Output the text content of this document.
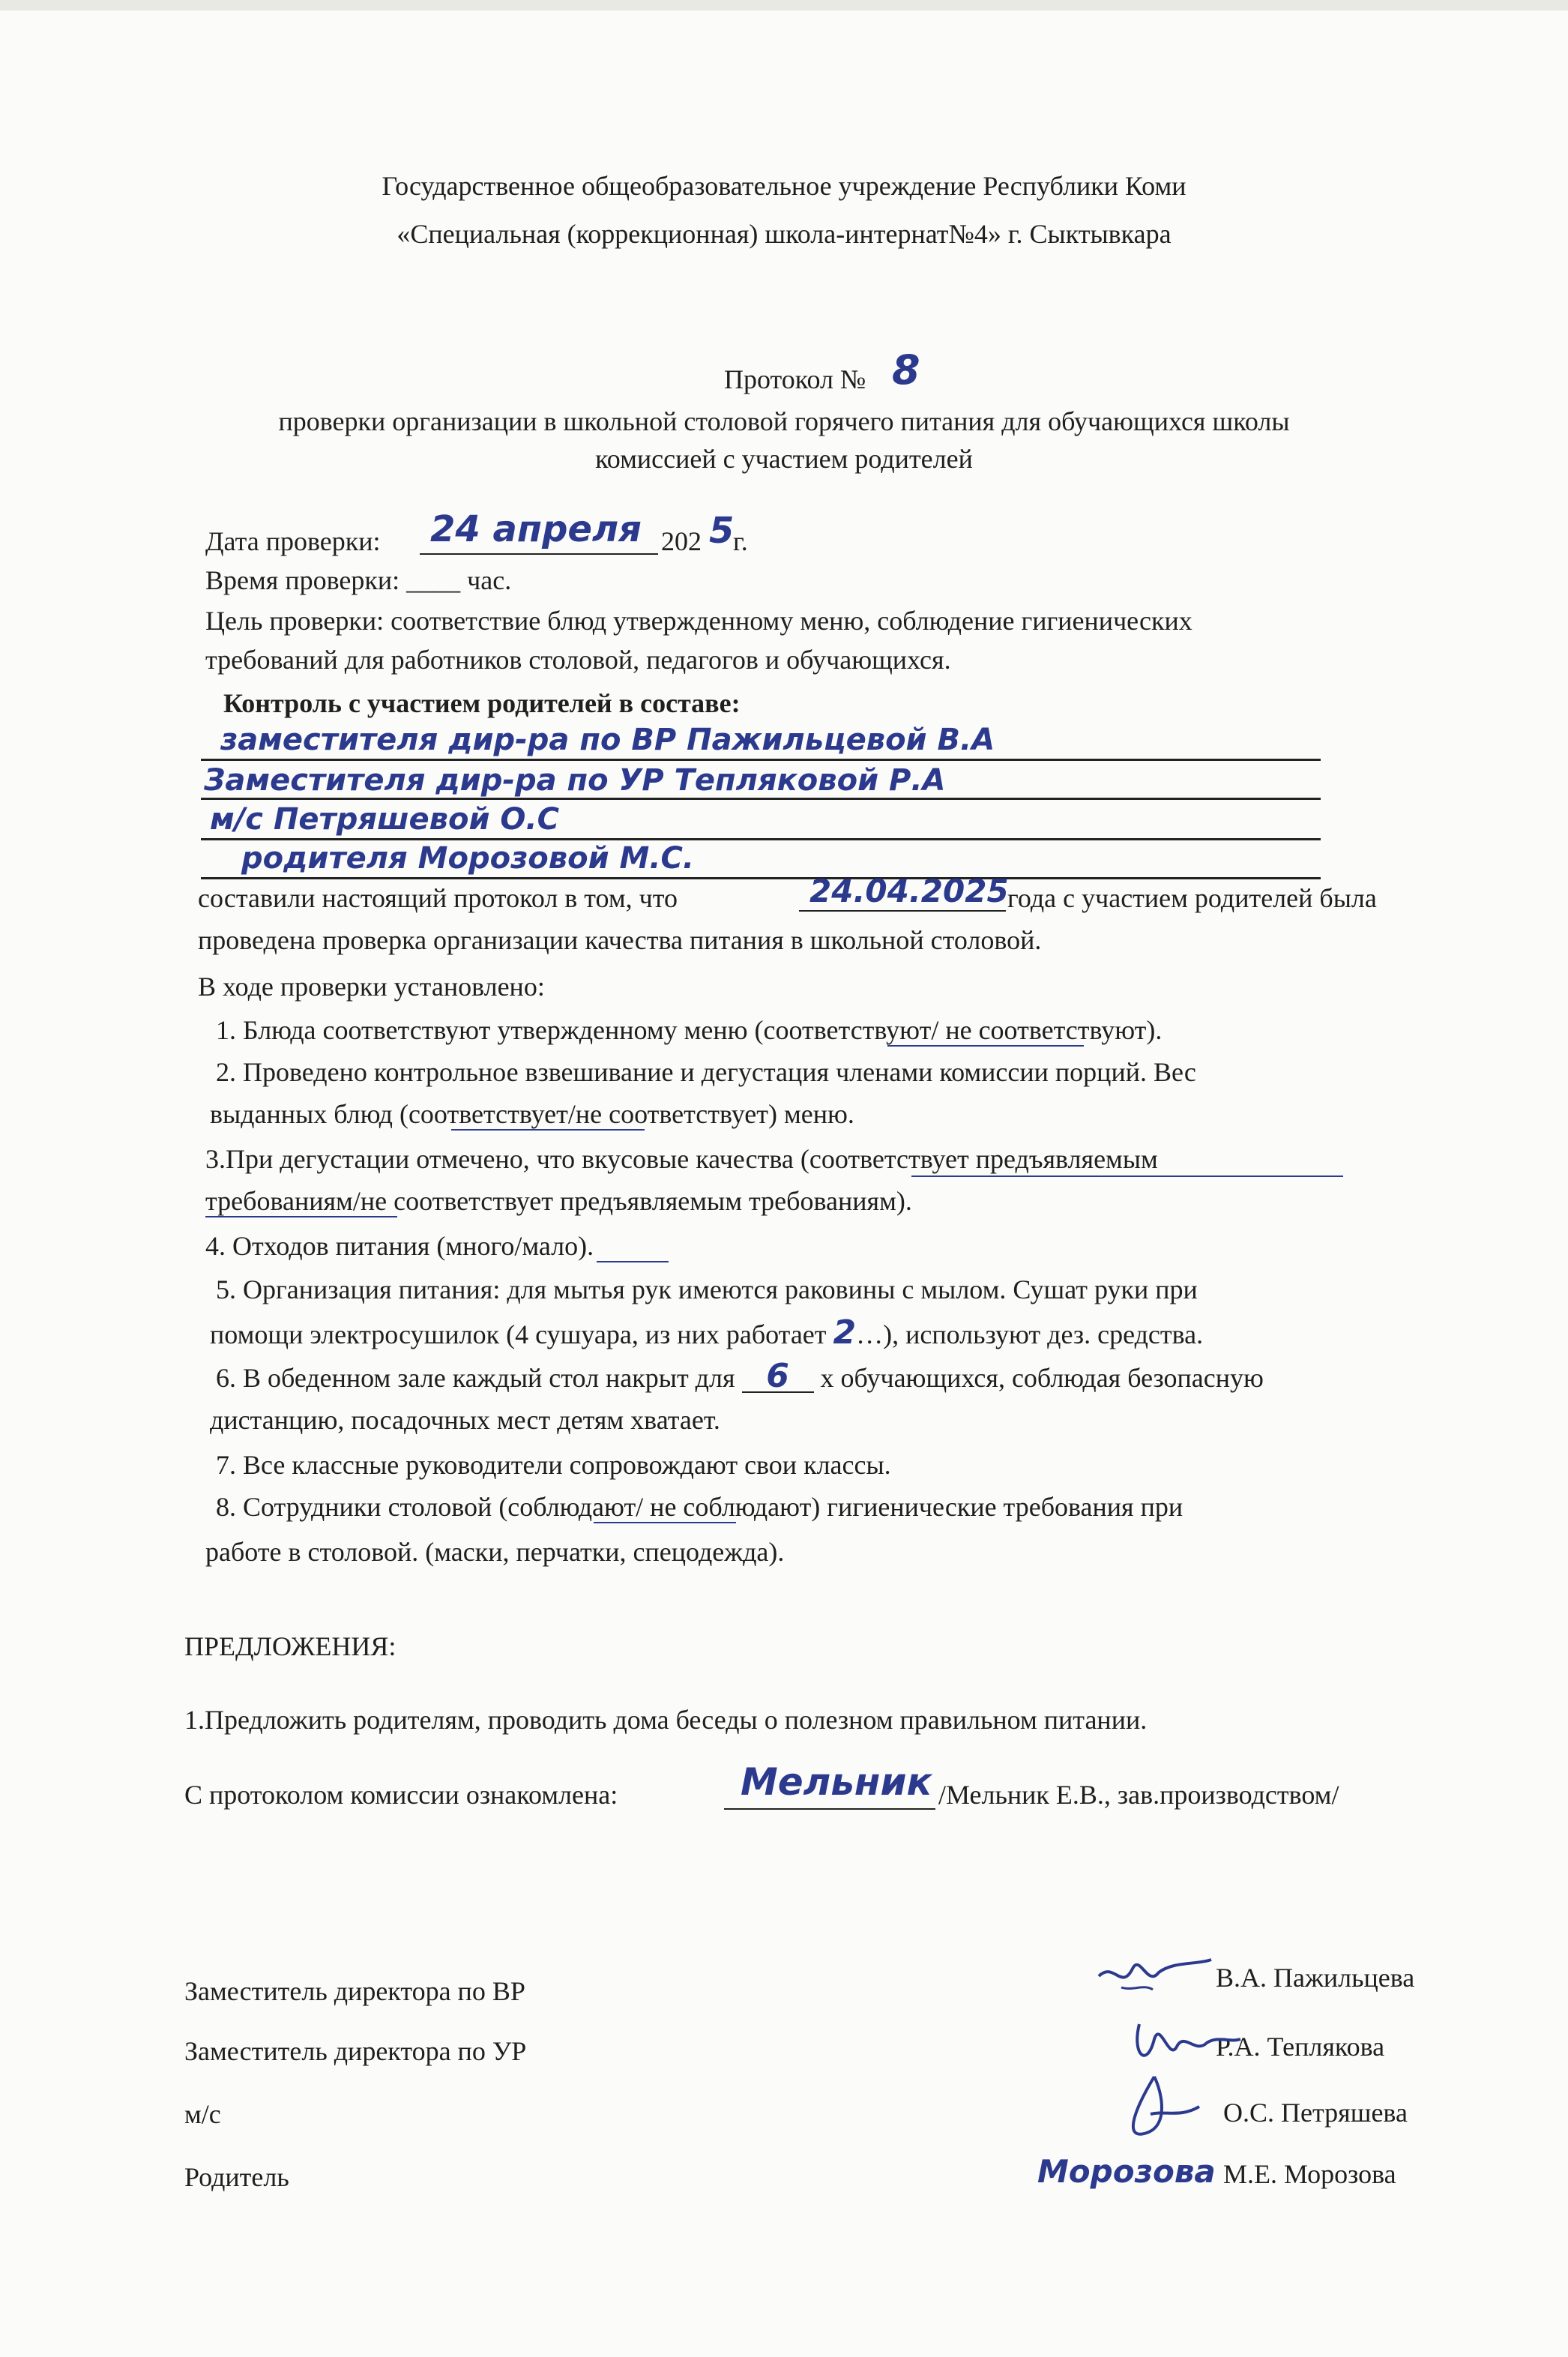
Государственное общеобразовательное учреждение Республики Коми
«Специальная (коррекционная) школа-интернат№4» г. Сыктывкара
Протокол № 8
проверки организации в школьной столовой горячего питания для обучающихся школы
комиссией с участием родителей
Дата проверки: 24 апреля 202 5
г.
Время проверки: ____ час.
Цель проверки: соответствие блюд утвержденному меню, соблюдение гигиенических
требований для работников столовой, педагогов и обучающихся.
Контроль с участием родителей в составе:
заместителя дир-ра по ВР Пажильцевой В.А
Заместителя дир-ра по УР Тепляковой Р.А
м/с Петряшевой О.С
родителя Морозовой М.С.
составили настоящий протокол в том, что	24.04.2025
года с участием родителей была
проведена проверка организации качества питания в школьной столовой.
В ходе проверки установлено:
1. Блюда соответствуют утвержденному меню (соответствуют/ не соответствуют).
2. Проведено контрольное взвешивание и дегустация членами комиссии порций. Вес
выданных блюд (соответствует/не соответствует) меню.
3.При дегустации отмечено, что вкусовые качества (соответствует предъявляемым
требованиям/не соответствует предъявляемым требованиям).
4. Отходов питания (много/мало).
5. Организация питания: для мытья рук имеются раковины с мылом. Сушат руки при
помощи электросушилок (4 сушуара, из них работает 2…), используют дез. средства.
6. В обеденном зале каждый стол накрыт для 6 х обучающихся, соблюдая безопасную
дистанцию, посадочных мест детям хватает.
7. Все классные руководители сопровождают свои классы.
8. Сотрудники столовой (соблюдают/ не соблюдают) гигиенические требования при
работе в столовой. (маски, перчатки, спецодежда).
ПРЕДЛОЖЕНИЯ:
1.Предложить родителям, проводить дома беседы о полезном правильном питании.
С протоколом комиссии ознакомлена:	Мельник /Мельник Е.В., зав.производством/
Заместитель директора по ВР	В.А. Пажильцева
Заместитель директора по УР	Р.А. Теплякова
м/с	О.С. Петряшева
Родитель	М.Е. Морозова
Морозова
